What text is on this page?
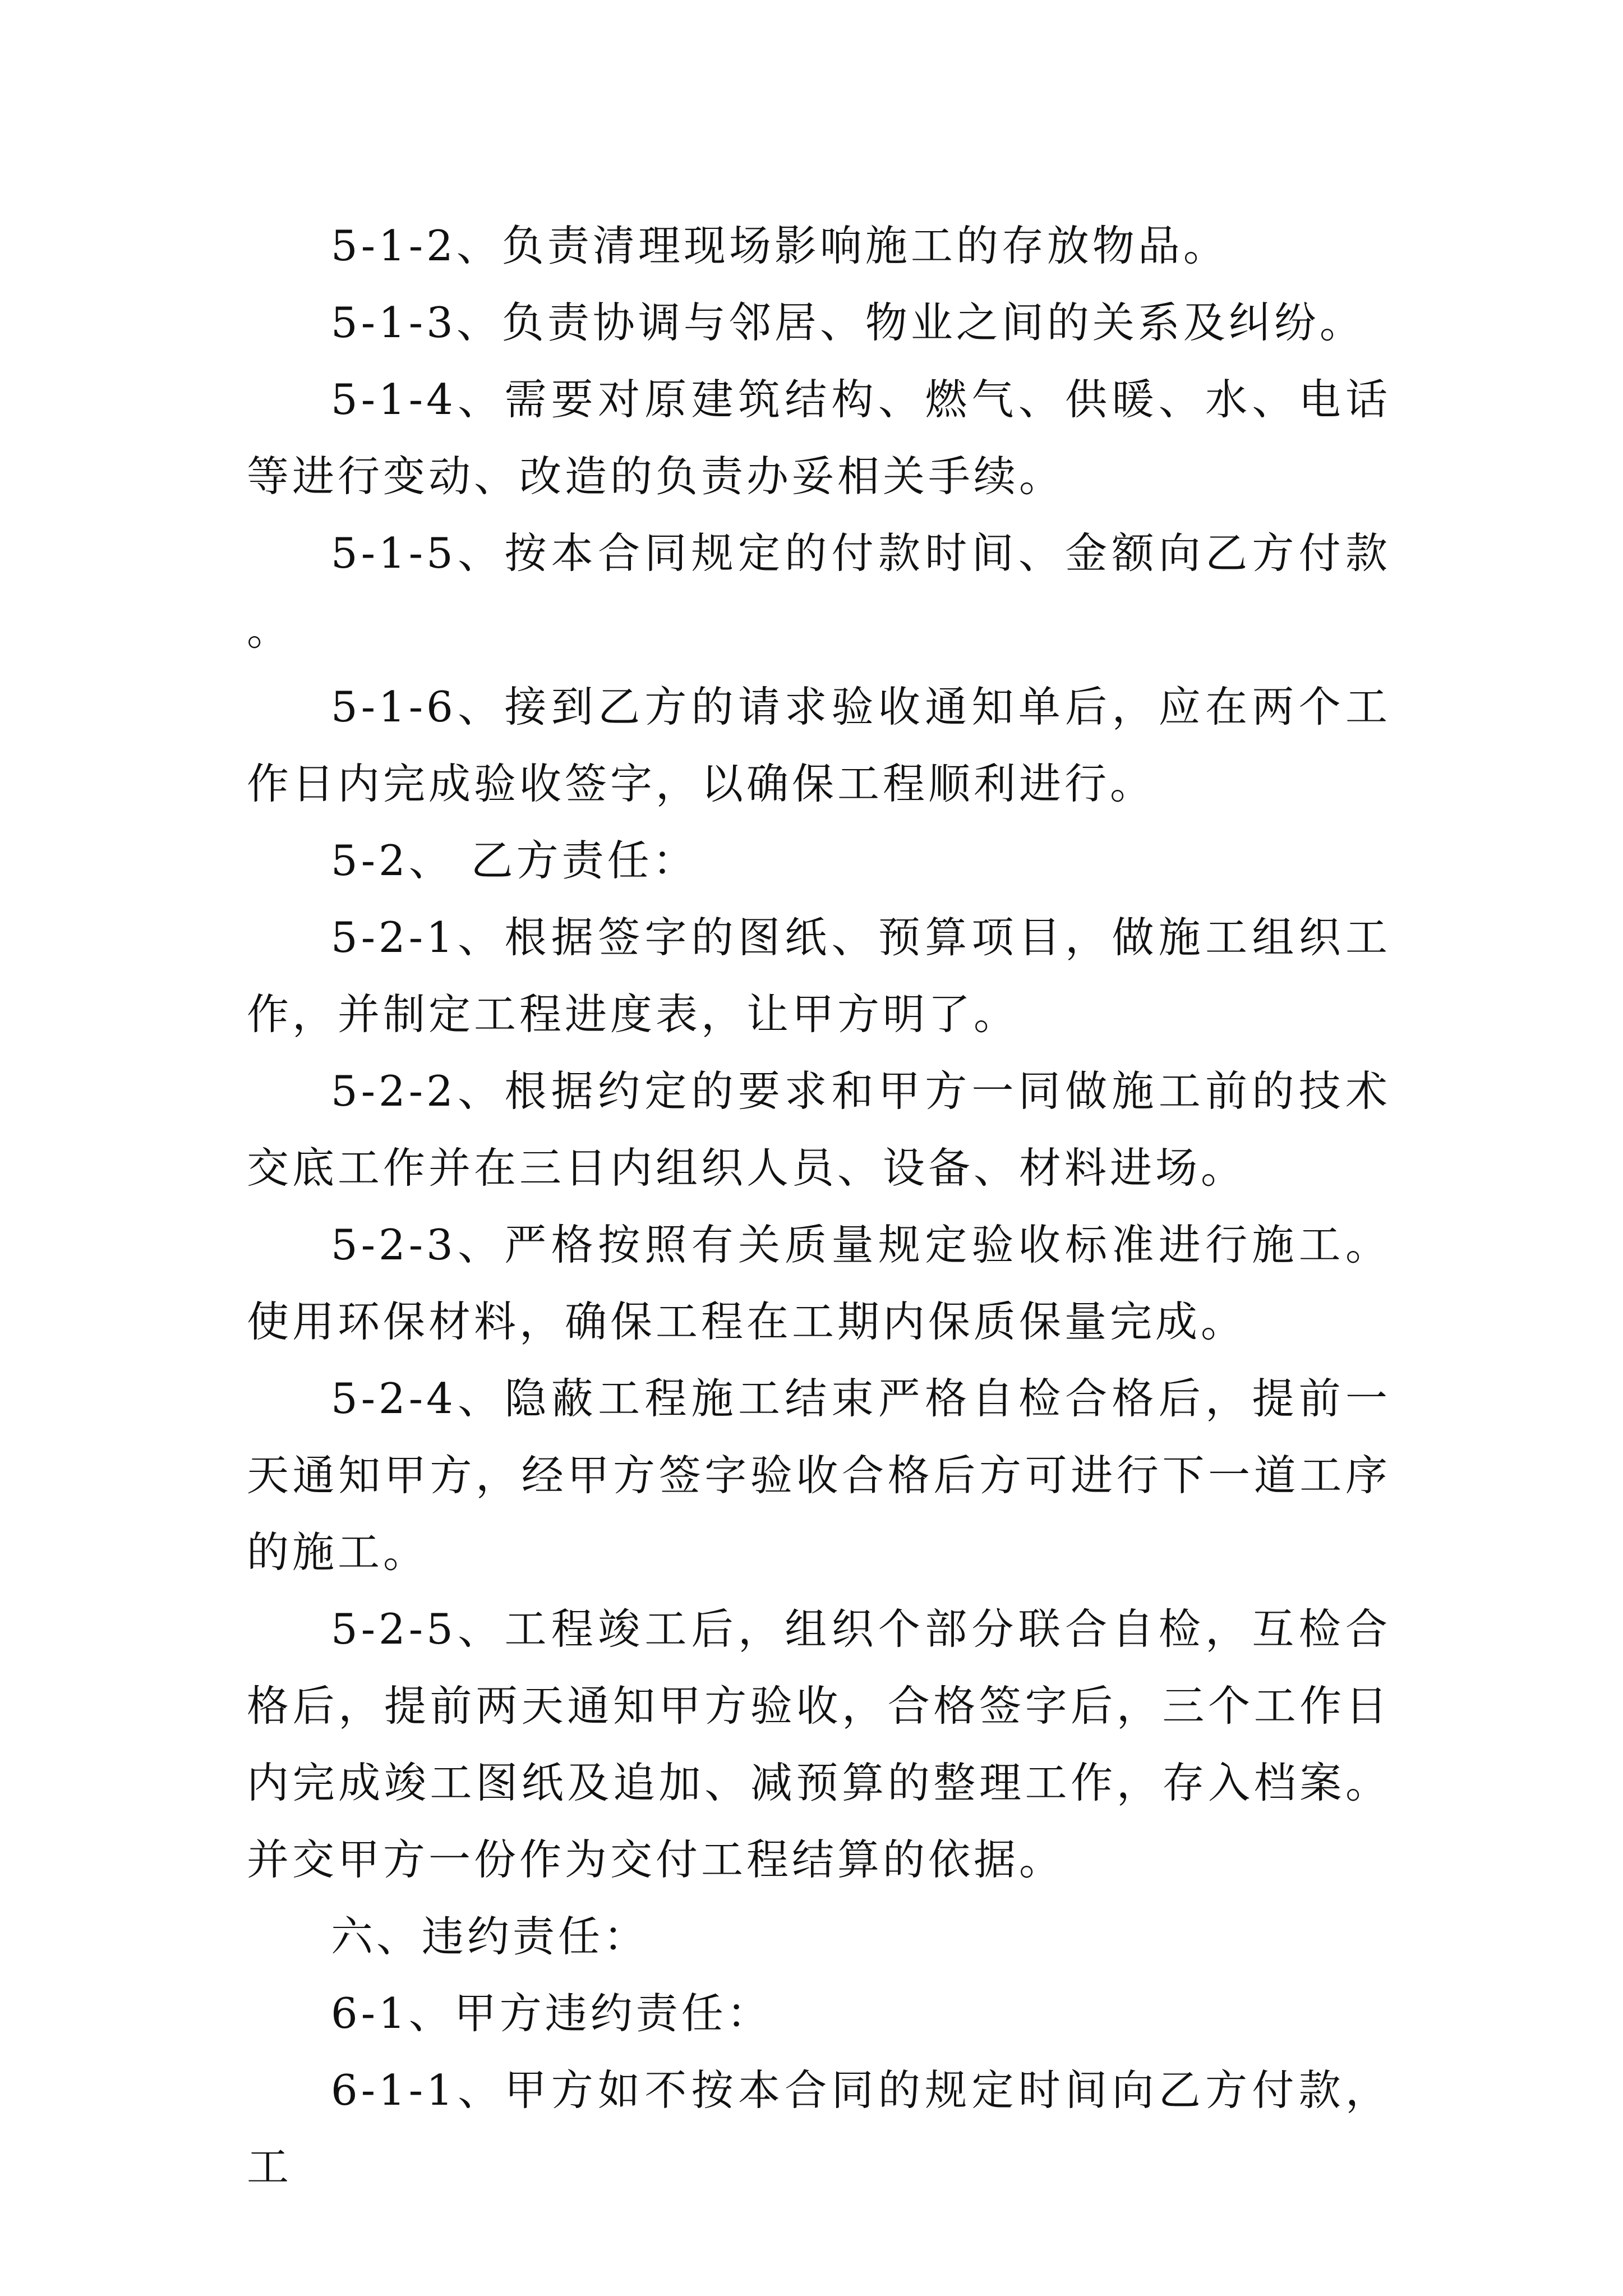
5-1-2、负责清理现场影响施工的存放物品。

5-1-3、负责协调与邻居、物业之间的关系及纠纷。

5-1-4、需要对原建筑结构、燃气、供暖、水、电话等进行变动、改造的负责办妥相关手续。

5-1-5、按本合同规定的付款时间、金额向乙方付款。

5-1-6、接到乙方的请求验收通知单后，应在两个工作日内完成验收签字，以确保工程顺利进行。

5-2、 乙方责任：

5-2-1、根据签字的图纸、预算项目，做施工组织工作，并制定工程进度表，让甲方明了。

5-2-2、根据约定的要求和甲方一同做施工前的技术交底工作并在三日内组织人员、设备、材料进场。

5-2-3、严格按照有关质量规定验收标准进行施工。使用环保材料，确保工程在工期内保质保量完成。

5-2-4、隐蔽工程施工结束严格自检合格后，提前一天通知甲方，经甲方签字验收合格后方可进行下一道工序的施工。

5-2-5、工程竣工后，组织个部分联合自检，互检合格后，提前两天通知甲方验收，合格签字后，三个工作日内完成竣工图纸及追加、减预算的整理工作，存入档案。并交甲方一份作为交付工程结算的依据。

六、违约责任：

6-1、甲方违约责任：

6-1-1、甲方如不按本合同的规定时间向乙方付款，工
